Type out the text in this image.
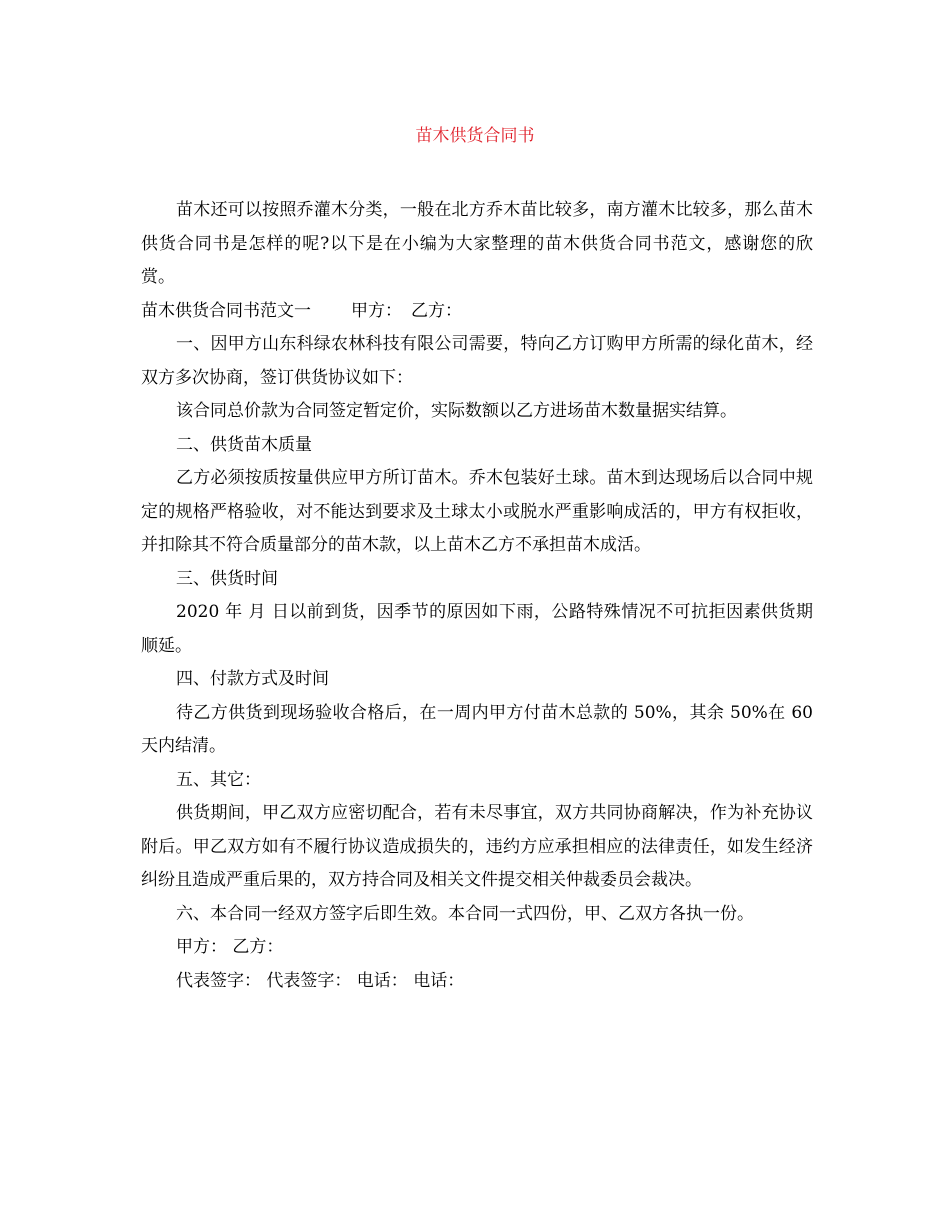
苗木供货合同书

苗木还可以按照乔灌木分类，一般在北方乔木苗比较多，南方灌木比较多，那么苗木供货合同书是怎样的呢?以下是在小编为大家整理的苗木供货合同书范文，感谢您的欣赏。

苗木供货合同书范文一 甲方： 乙方：

一、因甲方山东科绿农林科技有限公司需要，特向乙方订购甲方所需的绿化苗木，经双方多次协商，签订供货协议如下：

该合同总价款为合同签定暂定价，实际数额以乙方进场苗木数量据实结算。

二、供货苗木质量

乙方必须按质按量供应甲方所订苗木。乔木包装好土球。苗木到达现场后以合同中规定的规格严格验收，对不能达到要求及土球太小或脱水严重影响成活的，甲方有权拒收，并扣除其不符合质量部分的苗木款，以上苗木乙方不承担苗木成活。

三、供货时间

2020 年 月 日以前到货，因季节的原因如下雨，公路特殊情况不可抗拒因素供货期顺延。

四、付款方式及时间

待乙方供货到现场验收合格后，在一周内甲方付苗木总款的 50%，其余 50%在 60 天内结清。

五、其它：

供货期间，甲乙双方应密切配合，若有未尽事宜，双方共同协商解决，作为补充协议附后。甲乙双方如有不履行协议造成损失的，违约方应承担相应的法律责任，如发生经济纠纷且造成严重后果的，双方持合同及相关文件提交相关仲裁委员会裁决。

六、本合同一经双方签字后即生效。本合同一式四份，甲、乙双方各执一份。

甲方： 乙方：

代表签字： 代表签字： 电话： 电话：
